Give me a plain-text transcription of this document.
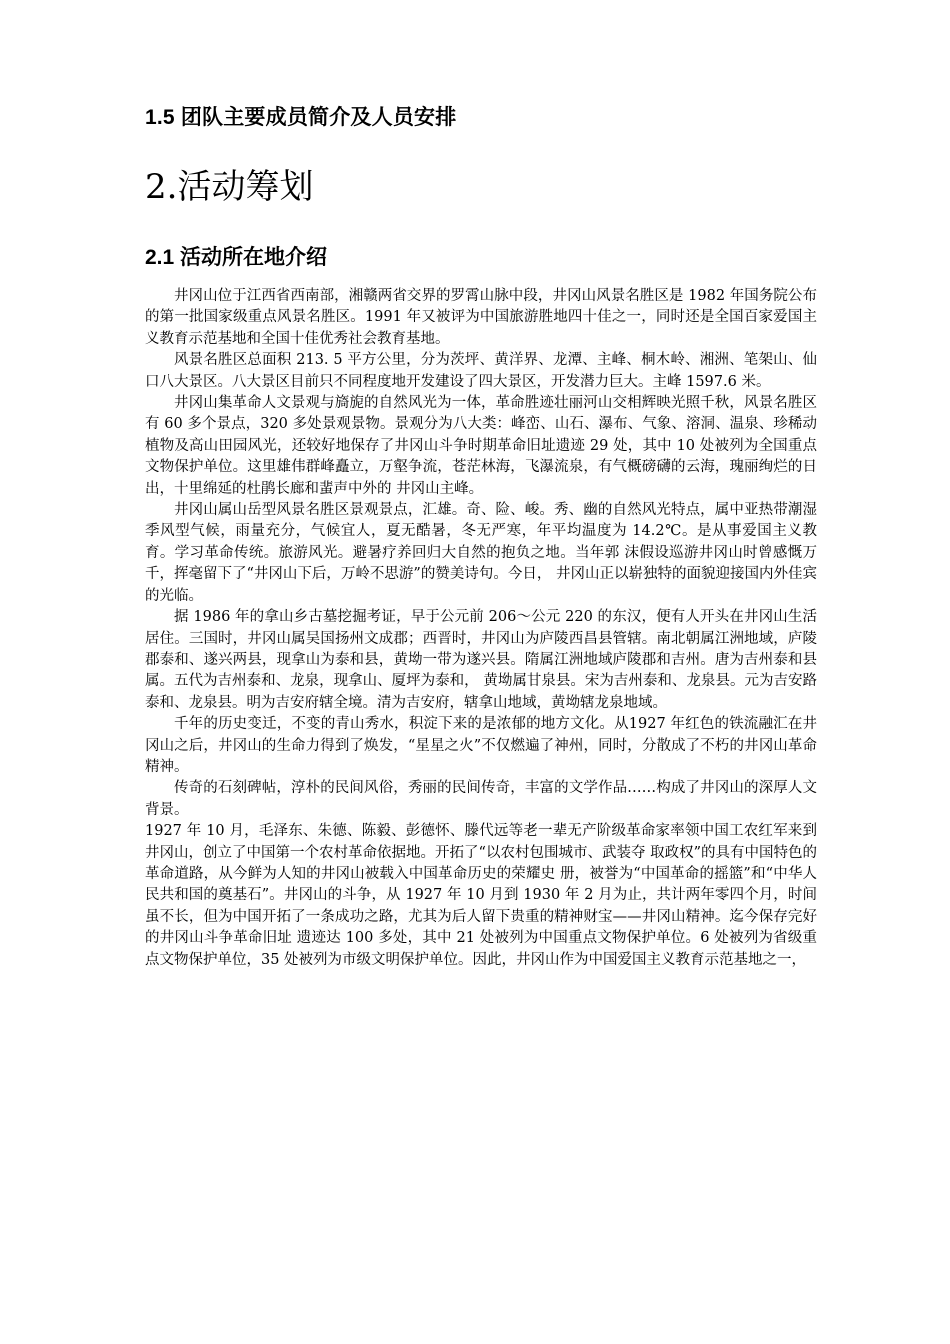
1.5 团队主要成员简介及人员安排
2.活动筹划
2.1 活动所在地介绍

井冈山位于江西省西南部，湘赣两省交界的罗霄山脉中段，井冈山风景名胜区是 1982 年国务院公布的第一批国家级重点风景名胜区。1991 年又被评为中国旅游胜地四十佳之一，同时还是全国百家爱国主义教育示范基地和全国十佳优秀社会教育基地。

风景名胜区总面积 213. 5 平方公里，分为茨坪、黄洋界、龙潭、主峰、桐木岭、湘洲、笔架山、仙口八大景区。八大景区目前只不同程度地开发建设了四大景区，开发潜力巨大。主峰 1597.6 米。

井冈山集革命人文景观与旖旎的自然风光为一体，革命胜迹壮丽河山交相辉映光照千秋，风景名胜区有 60 多个景点，320 多处景观景物。景观分为八大类：峰峦、山石、瀑布、气象、溶洞、温泉、珍稀动植物及高山田园风光，还较好地保存了井冈山斗争时期革命旧址遗迹 29 处，其中 10 处被列为全国重点文物保护单位。这里雄伟群峰矗立，万壑争流，苍茫林海，飞瀑流泉，有气概磅礴的云海，瑰丽绚烂的日出，十里绵延的杜鹃长廊和蜚声中外的 井冈山主峰。

井冈山属山岳型风景名胜区景观景点，汇雄。奇、险、峻。秀、幽的自然风光特点，属中亚热带潮湿季风型气候，雨量充分，气候宜人，夏无酷暑，冬无严寒，年平均温度为 14.2℃。是从事爱国主义教育。学习革命传统。旅游风光。避暑疗养回归大自然的抱负之地。当年郭 沫假设巡游井冈山时曾感慨万千，挥毫留下了“井冈山下后，万岭不思游”的赞美诗句。今日， 井冈山正以崭独特的面貌迎接国内外佳宾的光临。

据 1986 年的拿山乡古墓挖掘考证，早于公元前 206～公元 220 的东汉，便有人开头在井冈山生活居住。三国时，井冈山属吴国扬州文成郡；西晋时，井冈山为庐陵西昌县管辖。南北朝属江洲地域，庐陵郡泰和、遂兴两县，现拿山为泰和县，黄坳一带为遂兴县。隋属江洲地域庐陵郡和吉州。唐为吉州泰和县属。五代为吉州泰和、龙泉，现拿山、厦坪为泰和， 黄坳属甘泉县。宋为吉州泰和、龙泉县。元为吉安路泰和、龙泉县。明为吉安府辖全境。清为吉安府，辖拿山地域，黄坳辖龙泉地域。

千年的历史变迁，不变的青山秀水，积淀下来的是浓郁的地方文化。从1927 年红色的铁流融汇在井冈山之后，井冈山的生命力得到了焕发，“星星之火”不仅燃遍了神州，同时，分散成了不朽的井冈山革命精神。

传奇的石刻碑帖，淳朴的民间风俗，秀丽的民间传奇，丰富的文学作品……构成了井冈山的深厚人文背景。

1927 年 10 月，毛泽东、朱德、陈毅、彭德怀、滕代远等老一辈无产阶级革命家率领中国工农红军来到井冈山，创立了中国第一个农村革命依据地。开拓了“以农村包围城市、武装夺 取政权”的具有中国特色的革命道路，从今鲜为人知的井冈山被载入中国革命历史的荣耀史 册，被誉为“中国革命的摇篮”和“中华人民共和国的奠基石”。井冈山的斗争，从 1927 年 10 月到 1930 年 2 月为止，共计两年零四个月，时间虽不长，但为中国开拓了一条成功之路，尤其为后人留下贵重的精神财宝——井冈山精神。迄今保存完好的井冈山斗争革命旧址 遗迹达 100 多处，其中 21 处被列为中国重点文物保护单位。6 处被列为省级重点文物保护单位，35 处被列为市级文明保护单位。因此，井冈山作为中国爱国主义教育示范基地之一，
